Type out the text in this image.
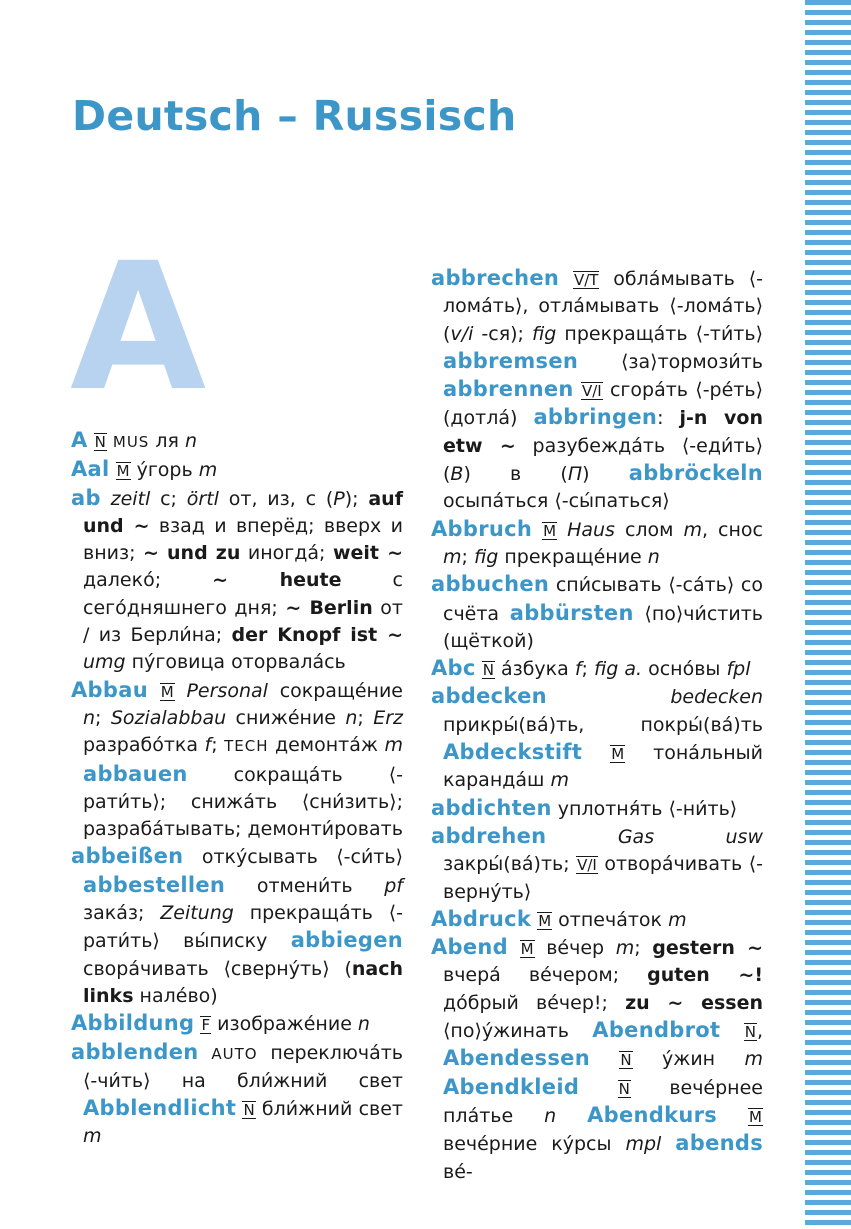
Deutsch – Russisch
A

A N MUS ля n

Aal M у́горь m

ab zeitl с; örtl от, из, с (P); auf und ~ взад и вперёд; вверх и вниз; ~ und zu иногда́; weit ~ далеко́; ~ heute с сего́дняшнего дня; ~ Berlin от / из Берли́на; der Knopf ist ~ umg пу́говица оторвала́сь

Abbau M Personal сокраще́ние n; Sozialabbau сниже́ние n; Erz разрабо́тка f; TECH демонта́ж m abbauen сокраща́ть ⟨-рати́ть⟩; снижа́ть ⟨сни́зить⟩; разраба́тывать; демонти́ровать

abbeißen отку́сывать ⟨-си́ть⟩ abbestellen отмени́ть pf зака́з; Zeitung прекраща́ть ⟨-рати́ть⟩ вы́писку abbiegen свора́чивать ⟨сверну́ть⟩ (nach links нале́во)

Abbildung F изображе́ние n

abblenden AUTO переключа́ть ⟨-чи́ть⟩ на бли́жний свет Abblendlicht N бли́жний свет m

abbrechen V/T обла́мывать ⟨-лома́ть⟩, отла́мывать ⟨-лома́ть⟩ (v/i -ся); fig прекраща́ть ⟨-ти́ть⟩ abbremsen ⟨за⟩тормози́ть abbrennen V/I сгора́ть ⟨-ре́ть⟩ (дотла́) abbringen: j-n von etw ~ разубежда́ть ⟨-еди́ть⟩ (B) в (П) abbröckeln осыпа́ться ⟨-сы́паться⟩

Abbruch M Haus слом m, снос m; fig прекраще́ние n

abbuchen спи́сывать ⟨-са́ть⟩ со счёта abbürsten ⟨по⟩чи́стить (щёткой)

Abc N а́збука f; fig a. осно́вы fpl

abdecken	bedecken прикры́(ва́)ть, покры́(ва́)ть Abdeckstift M тона́льный каранда́ш m

abdichten уплотня́ть ⟨-ни́ть⟩

abdrehen	Gas usw закры́(ва́)ть; V/I отвора́чивать ⟨-верну́ть⟩

Abdruck M отпеча́ток m

Abend M ве́чер m; gestern ~ вчера́ ве́чером; guten ~! до́брый ве́чер!; zu ~ essen ⟨по⟩у́жинать Abendbrot N, Abendessen N у́жин m Abendkleid	N вече́рнее пла́тье n Abendkurs M вече́рние ку́рсы mpl abends ве́-
